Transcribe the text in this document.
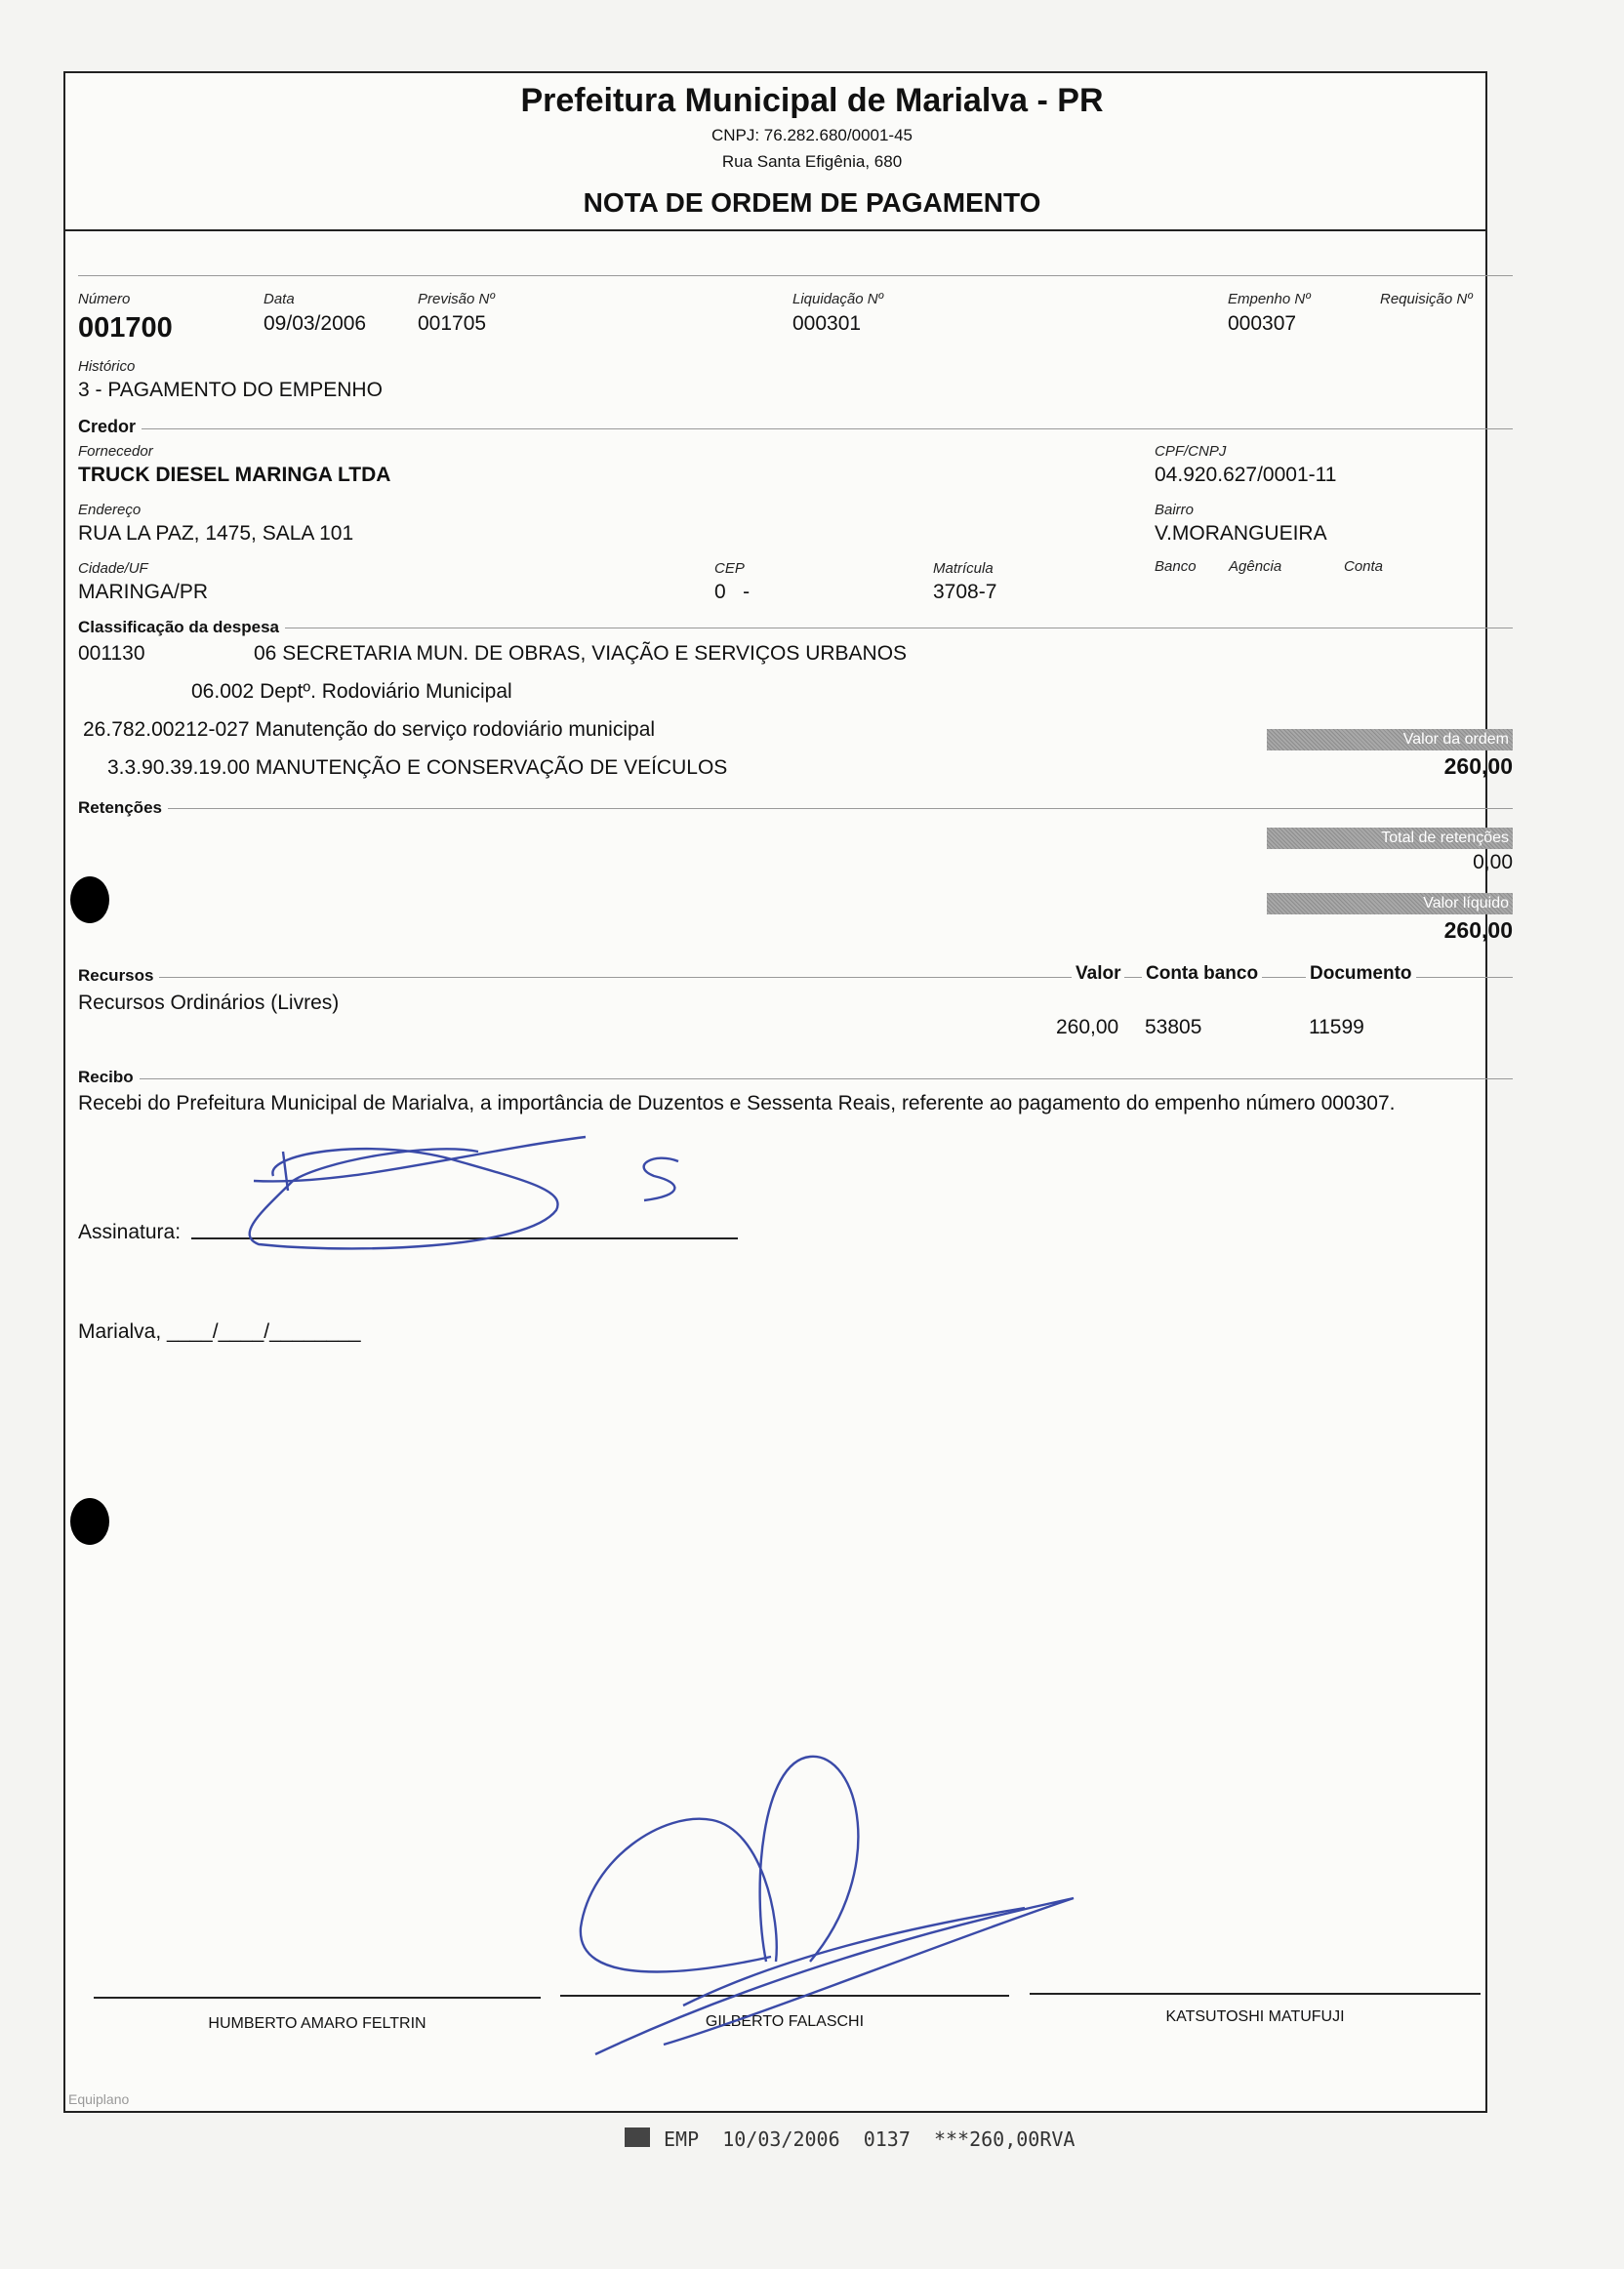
Prefeitura Municipal de Marialva - PR
CNPJ: 76.282.680/0001-45
Rua Santa Efigênia, 680
NOTA DE ORDEM DE PAGAMENTO
Número
001700
Data
09/03/2006
Previsão Nº
001705
Liquidação Nº
000301
Empenho Nº
000307
Requisição Nº
Histórico
3 - PAGAMENTO DO EMPENHO
Credor
Fornecedor
TRUCK DIESEL MARINGA LTDA
CPF/CNPJ
04.920.627/0001-11
Endereço
RUA LA PAZ, 1475, SALA 101
Bairro
V.MORANGUEIRA
Cidade/UF
MARINGA/PR
CEP
0   -
Matrícula
3708-7
Banco Agência	Conta
Classificação da despesa
001130	06 SECRETARIA MUN. DE OBRAS, VIAÇÃO E SERVIÇOS URBANOS
06.002 Deptº. Rodoviário Municipal
26.782.00212-027 Manutenção do serviço rodoviário municipal
3.3.90.39.19.00 MANUTENÇÃO E CONSERVAÇÃO DE VEÍCULOS
Valor da ordem
260,00
Retenções
Total de retenções
0,00
Valor líquido
260,00
Recursos	Valor Conta banco	Documento
Recursos Ordinários (Livres)
260,00 53805	11599
Recibo
Recebi do Prefeitura Municipal de Marialva, a importância de Duzentos e Sessenta Reais, referente ao pagamento do empenho número 000307.
Assinatura:
Marialva, ____/____/________
HUMBERTO AMARO FELTRIN	GILBERTO FALASCHI	KATSUTOSHI MATUFUJI
Equiplano
EMP  10/03/2006  0137  ***260,00RVA
